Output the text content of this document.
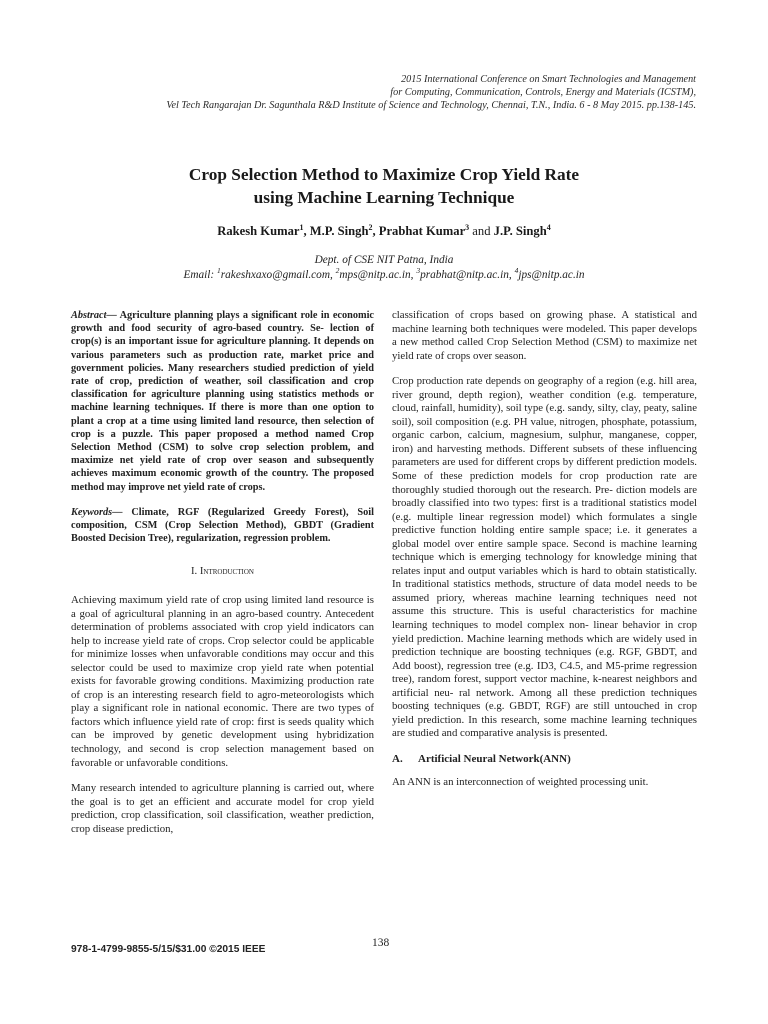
2015 International Conference on Smart Technologies and Management
for Computing, Communication, Controls, Energy and Materials (ICSTM),
Vel Tech Rangarajan Dr. Sagunthala R&D Institute of Science and Technology, Chennai, T.N., India. 6 - 8 May 2015. pp.138-145.
Crop Selection Method to Maximize Crop Yield Rate
using Machine Learning Technique
Rakesh Kumar$^1$, M.P. Singh$^2$, Prabhat Kumar$^3$ and J.P. Singh$^4$
Dept. of CSE NIT Patna, India
Email: $^1$rakeshxaxo@gmail.com, $^2$mps@nitp.ac.in, $^3$prabhat@nitp.ac.in, $^4$jps@nitp.ac.in

Abstract— Agriculture planning plays a significant role in economic growth and food security of agro-based country. Se- lection of crop(s) is an important issue for agriculture planning. It depends on various parameters such as production rate, market price and government policies. Many researchers studied prediction of yield rate of crop, prediction of weather, soil classification and crop classification for agriculture planning using statistics methods or machine learning techniques. If there is more than one option to plant a crop at a time using limited land resource, then selection of crop is a puzzle. This paper proposed a method named Crop Selection Method (CSM) to solve crop selection problem, and maximize net yield rate of crop over season and subsequently achieves maximum economic growth of the country. The proposed method may improve net yield rate of crops.

Keywords— Climate, RGF (Regularized Greedy Forest), Soil composition, CSM (Crop Selection Method), GBDT (Gradient Boosted Decision Tree), regularization, regression problem.

I. Introduction

Achieving maximum yield rate of crop using limited land resource is a goal of agricultural planning in an agro-based country. Antecedent determination of problems associated with crop yield indicators can help to increase yield rate of crops. Crop selector could be applicable for minimize losses when unfavorable conditions may occur and this selector could be used to maximize crop yield rate when potential exists for favorable growing conditions. Maximizing production rate of crop is an interesting research field to agro-meteorologists which play a significant role in national economic. There are two types of factors which influence yield rate of crop: first is seeds quality which can be improved by genetic development using hybridization technology, and second is crop selection management based on favorable or unfavorable conditions.

Many research intended to agriculture planning is carried out, where the goal is to get an efficient and accurate model for crop yield prediction, crop classification, soil classification, weather prediction, crop disease prediction,

classification of crops based on growing phase. A statistical and machine learning both techniques were modeled. This paper develops a new method called Crop Selection Method (CSM) to maximize net yield rate of crops over season.

Crop production rate depends on geography of a region (e.g. hill area, river ground, depth region), weather condition (e.g. temperature, cloud, rainfall, humidity), soil type (e.g. sandy, silty, clay, peaty, saline soil), soil composition (e.g. PH value, nitrogen, phosphate, potassium, organic carbon, calcium, magnesium, sulphur, manganese, copper, iron) and harvesting methods. Different subsets of these influencing parameters are used for different crops by different prediction models. Some of these prediction models for crop production rate are thoroughly studied thorough out the research. Pre- diction models are broadly classified into two types: first is a traditional statistics model (e.g. multiple linear regression model) which formulates a single predictive function holding entire sample space; i.e. it generates a global model over entire sample space. Second is machine learning technique which is emerging technology for knowledge mining that relates input and output variables which is hard to obtain statistically. In traditional statistics methods, structure of data model needs to be assumed priory, whereas machine learning techniques need not assume this structure. This is useful characteristics for machine learning techniques to model complex non- linear behavior in crop yield prediction. Machine learning methods which are widely used in prediction technique are boosting techniques (e.g. RGF, GBDT, and Add boost), regression tree (e.g. ID3, C4.5, and M5-prime regression tree), random forest, support vector machine, k-nearest neighbors and artificial neu- ral network. Among all these prediction techniques boosting techniques (e.g. GBDT, RGF) are still untouched in crop yield prediction. In this research, some machine learning techniques are studied and comparative analysis is presented.

A. Artificial Neural Network(ANN)

An ANN is an interconnection of weighted processing unit.

978-1-4799-9855-5/15/$31.00 ©2015 IEEE
138
